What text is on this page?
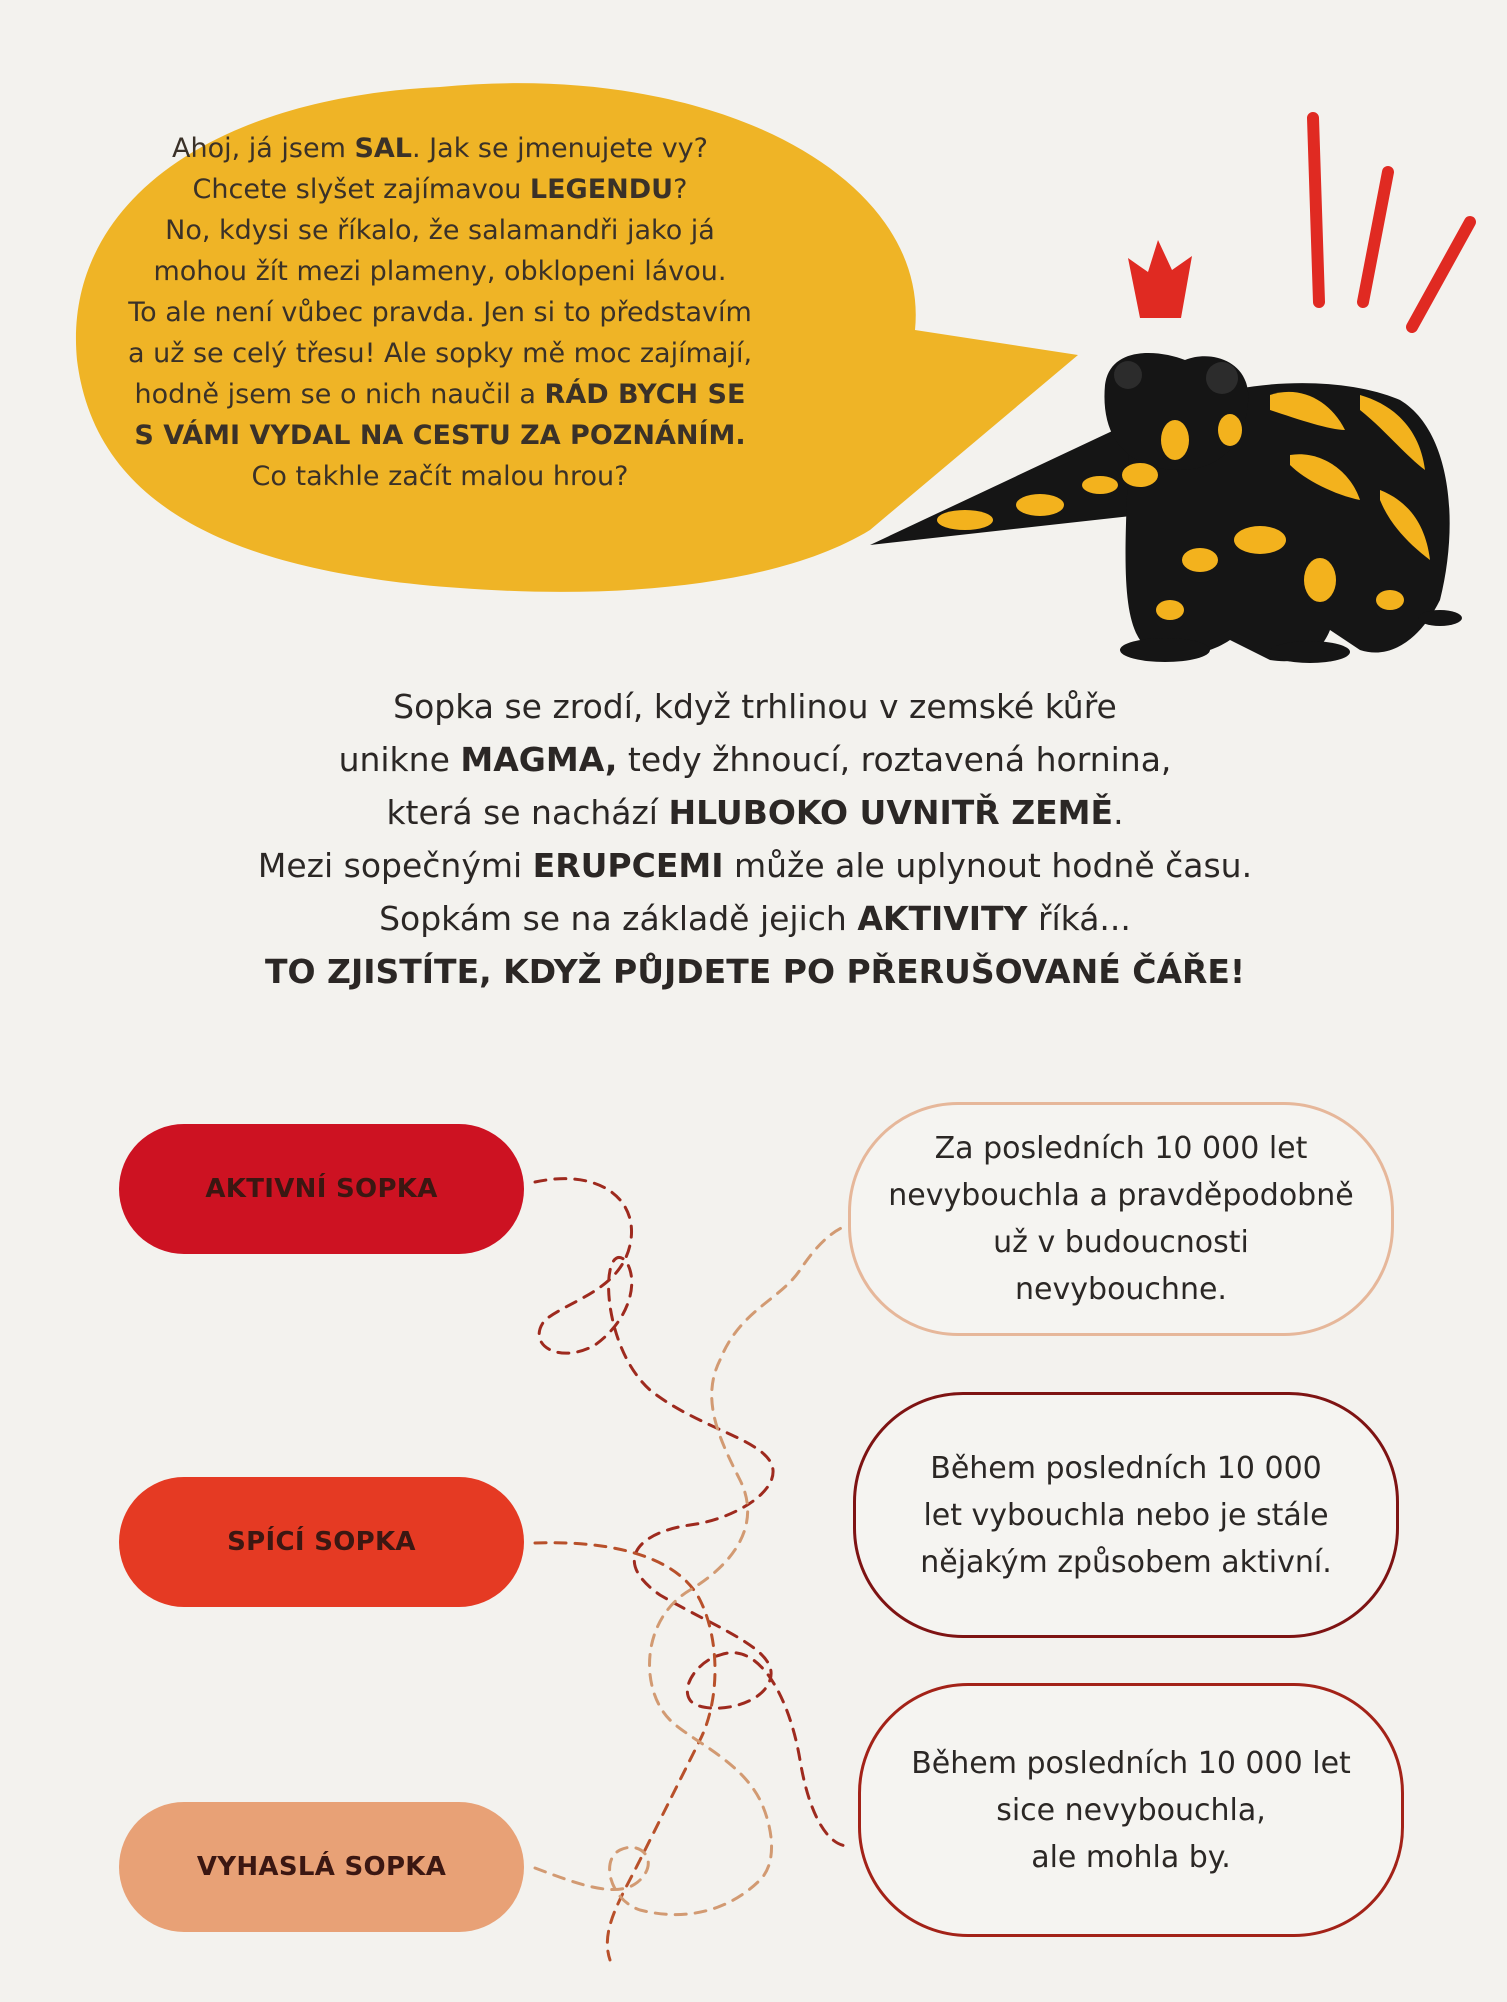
Ahoj, já jsem SAL. Jak se jmenujete vy?
Chcete slyšet zajímavou LEGENDU?
No, kdysi se říkalo, že salamandři jako já
mohou žít mezi plameny, obklopeni lávou.
To ale není vůbec pravda. Jen si to představím
a už se celý třesu! Ale sopky mě moc zajímají,
hodně jsem se o nich naučil a RÁD BYCH SE
S VÁMI VYDAL NA CESTU ZA POZNÁNÍM.
Co takhle začít malou hrou?
Sopka se zrodí, když trhlinou v zemské kůře
unikne MAGMA, tedy žhnoucí, roztavená hornina,
která se nachází HLUBOKO UVNITŘ ZEMĚ.
Mezi sopečnými ERUPCEMI může ale uplynout hodně času.
Sopkám se na základě jejich AKTIVITY říká...
TO ZJISTÍTE, KDYŽ PŮJDETE PO PŘERUŠOVANÉ ČÁŘE!
AKTIVNÍ SOPKA
SPÍCÍ SOPKA
VYHASLÁ SOPKA
Za posledních 10 000 let
nevybouchla a pravděpodobně
už v budoucnosti
nevybouchne.
Během posledních 10 000
let vybouchla nebo je stále
nějakým způsobem aktivní.
Během posledních 10 000 let
sice nevybouchla,
ale mohla by.
